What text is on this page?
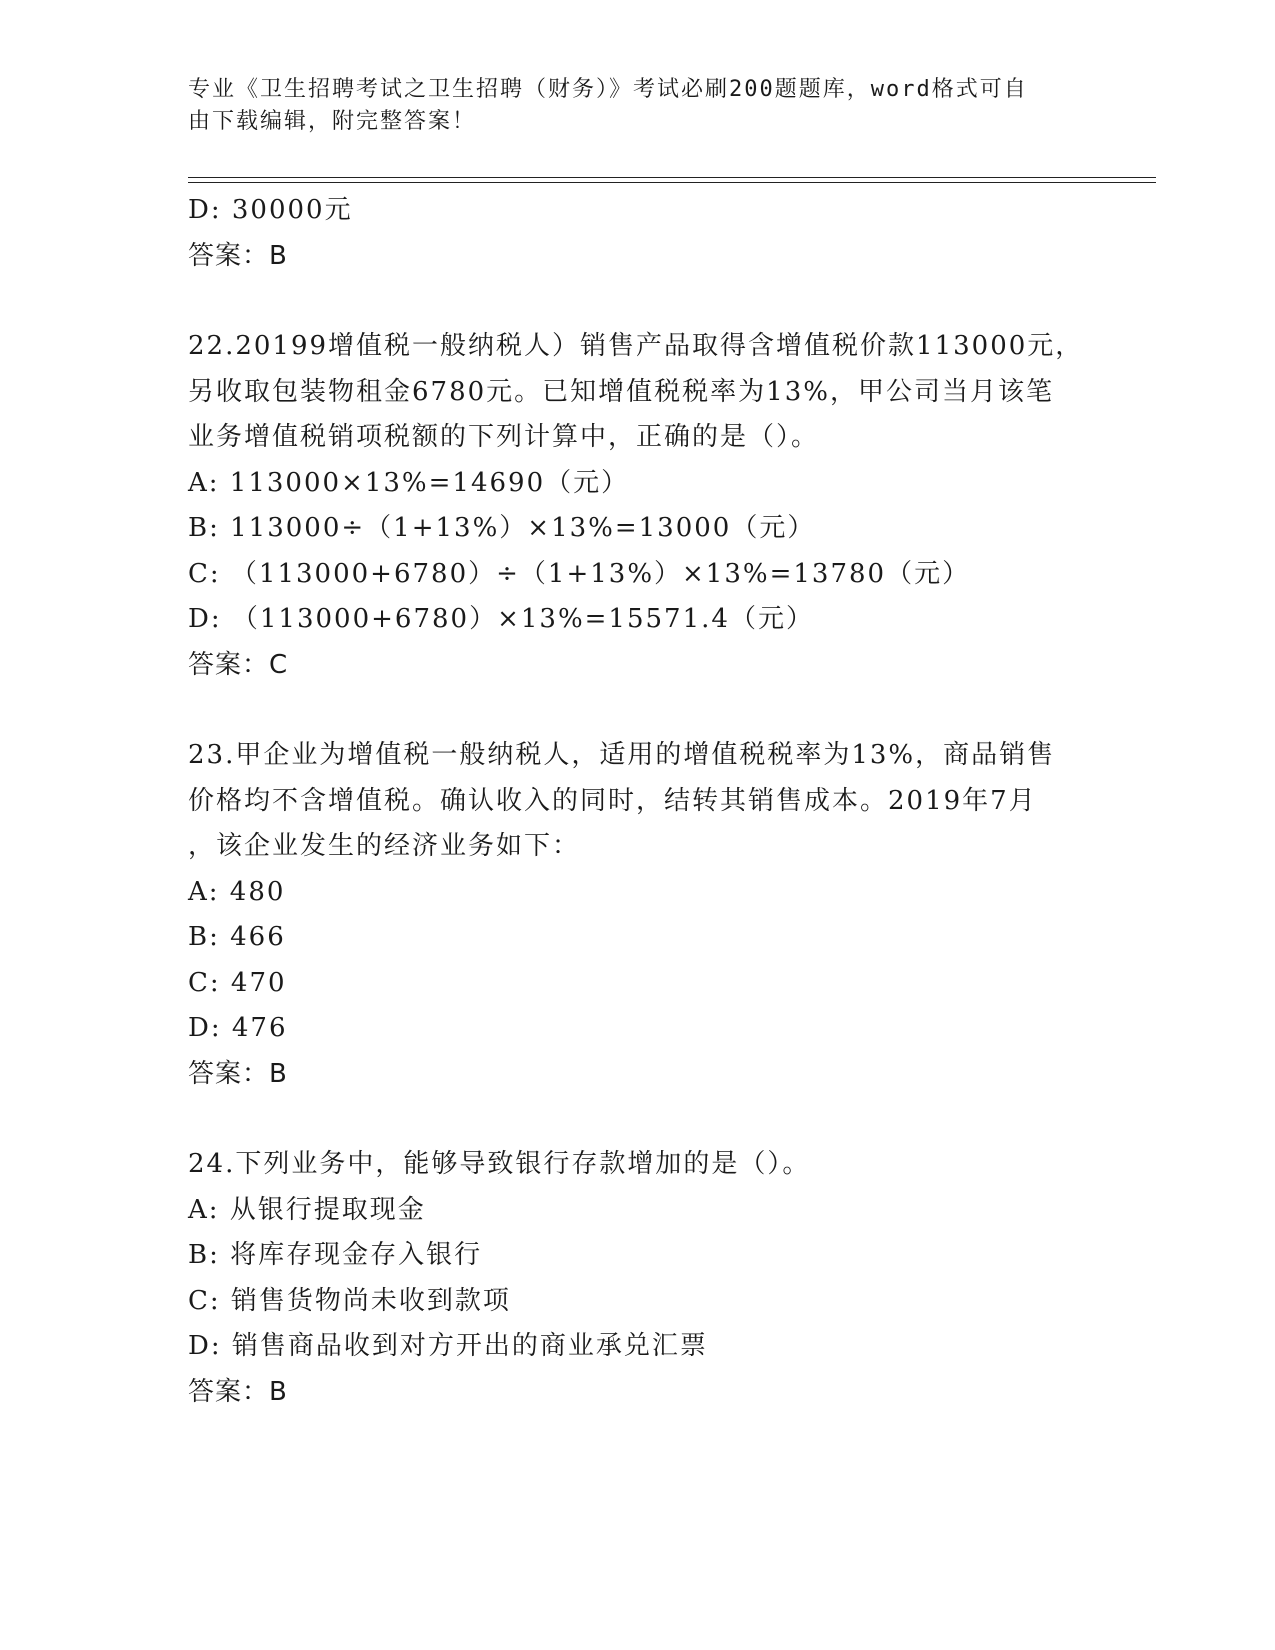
专业《卫生招聘考试之卫生招聘（财务）》考试必刷200题题库，word格式可自
由下载编辑，附完整答案！
D: 30000元
答案：B
22.20199增值税一般纳税人）销售产品取得含增值税价款113000元，
另收取包装物租金6780元。已知增值税税率为13%，甲公司当月该笔
业务增值税销项税额的下列计算中，正确的是（）。
A: 113000×13%=14690（元）
B: 113000÷（1+13%）×13%=13000（元）
C: （113000+6780）÷（1+13%）×13%=13780（元）
D: （113000+6780）×13%=15571.4（元）
答案：C
23.甲企业为增值税一般纳税人，适用的增值税税率为13%，商品销售
价格均不含增值税。确认收入的同时，结转其销售成本。2019年7月
，该企业发生的经济业务如下：
A: 480
B: 466
C: 470
D: 476
答案：B
24.下列业务中，能够导致银行存款增加的是（）。
A: 从银行提取现金
B: 将库存现金存入银行
C: 销售货物尚未收到款项
D: 销售商品收到对方开出的商业承兑汇票
答案：B
